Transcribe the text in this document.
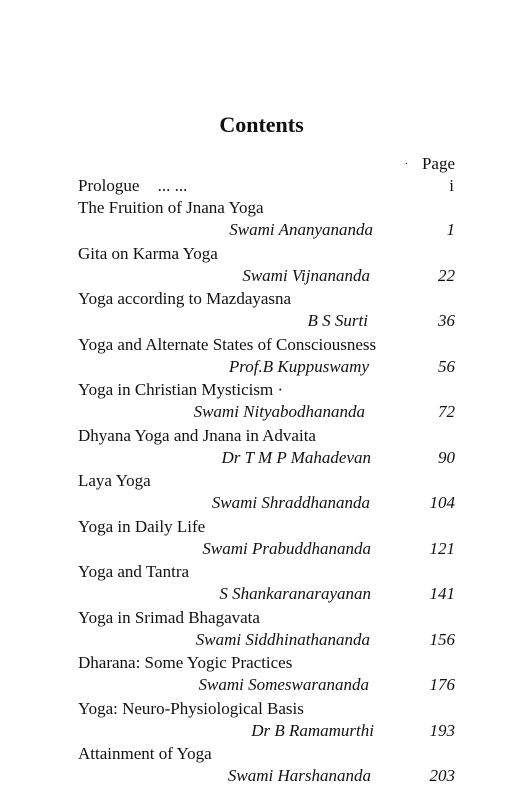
Contents
· Page
Prologue ... ...	i
The Fruition of Jnana Yoga
Swami Ananyananda	1
Gita on Karma Yoga
Swami Vijnananda	22
Yoga according to Mazdayasna
B S Surti	36
Yoga and Alternate States of Consciousness
Prof.B Kuppuswamy	56
Yoga in Christian Mysticism ·
Swami Nityabodhananda	72
Dhyana Yoga and Jnana in Advaita
Dr T M P Mahadevan	90
Laya Yoga
Swami Shraddhananda	104
Yoga in Daily Life
Swami Prabuddhananda	121
Yoga and Tantra
S Shankaranarayanan	141
Yoga in Srimad Bhagavata
Swami Siddhinathananda	156
Dharana: Some Yogic Practices
Swami Someswarananda	176
Yoga: Neuro-Physiological Basis
Dr B Ramamurthi	193
Attainment of Yoga
Swami Harshananda	203
